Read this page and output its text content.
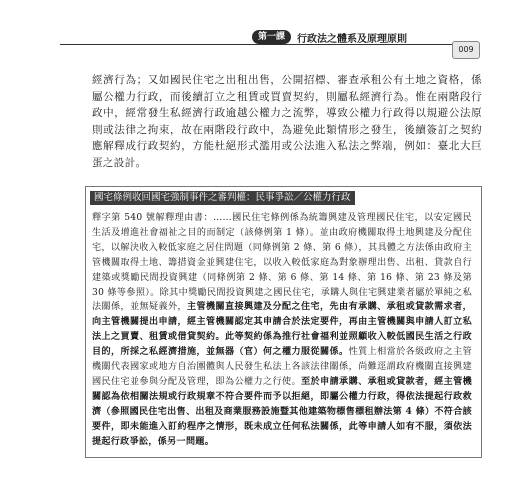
第一課	行政法之體系及原理原則
009

經濟行為；又如國民住宅之出租出售，公開招標、審查承租公有土地之資格，係屬公權力行政，而後續訂立之租賃或買賣契約，則屬私經濟行為。惟在兩階段行政中，經常發生私經濟行政逾越公權力之流弊，導致公權力行政得以規避公法原則或法律之拘束，故在兩階段行政中，為避免此類情形之發生，後續簽訂之契約應解釋成行政契約，方能杜絕形式濫用或公法進入私法之弊端，例如：臺北大巨蛋之設計。

國宅條例收回國宅強制事件之審判權：民事爭訟／公權力行政

釋字第 540 號解釋理由書：……國民住宅條例係為統籌興建及管理國民住宅，以安定國民生活及增進社會福祉之目的而制定（該條例第 1 條）。並由政府機關取得土地興建及分配住宅，以解決收入較低家庭之居住問題（同條例第 2 條、第 6 條），其具體之方法係由政府主管機關取得土地、籌措資金並興建住宅，以收入較低家庭為對象辦理出售、出租、貸款自行建築或獎勵民間投資興建（同條例第 2 條、第 6 條、第 14 條、第 16 條、第 23 條及第 30 條等參照）。除其中獎勵民間投資興建之國民住宅，承購人與住宅興建業者屬於單純之私法關係，並無疑義外，主管機關直接興建及分配之住宅，先由有承購、承租或貸款需求者，向主管機關提出申請，經主管機關認定其申請合於法定要件，再由主管機關與申請人訂立私法上之買賣、租賃或借貸契約。此等契約係為推行社會福利並照顧收入較低國民生活之行政目的，所採之私經濟措施，並無器（官）何之權力服從關係。性質上相當於各級政府之主管機關代表國家或地方自治團體與人民發生私法上各該法律關係，尚難逕謂政府機關直接興建國民住宅並參與分配及管理，即為公權力之行使。至於申請承購、承租或貸款者，經主管機關認為依相關法規或行政規章不符合要件而予以拒絕，即屬公權力行政，得依法提起行政救濟（參照國民住宅出售、出租及商業服務設施暨其他建築物標售標租辦法第 4 條）不符合該要件，即未能進入訂約程序之情形，既未成立任何私法關係，此等申請人如有不服，須依法提起行政爭訟，係另一問題。
